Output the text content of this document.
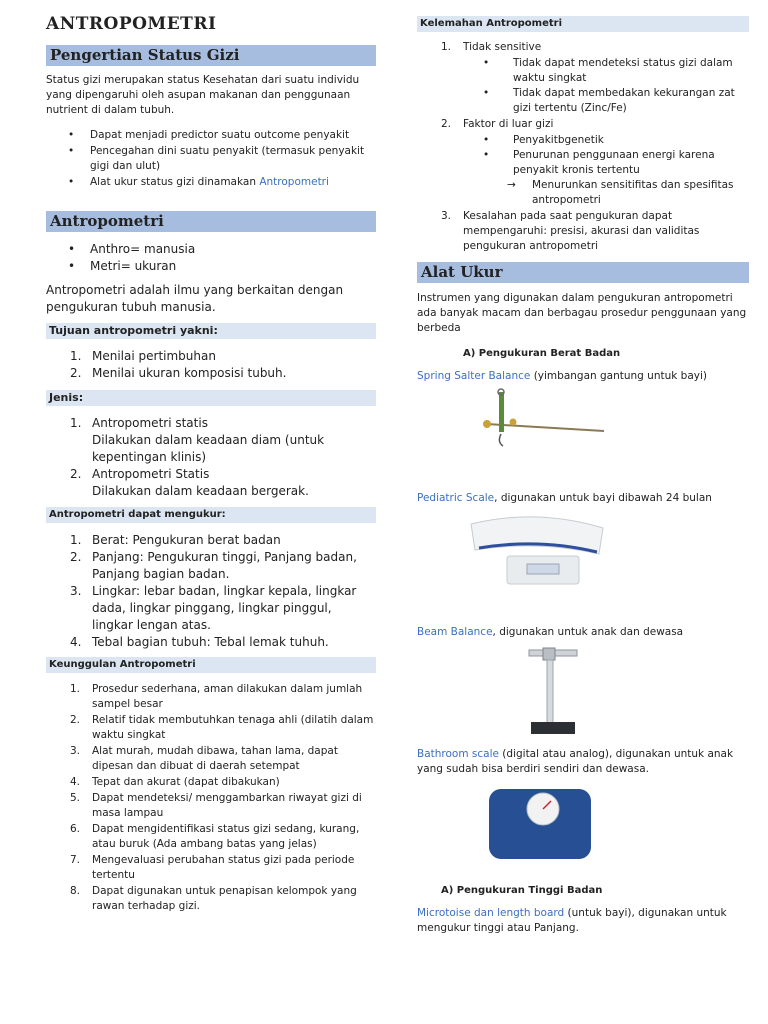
ANTROPOMETRI
Pengertian Status Gizi
Status gizi merupakan status Kesehatan dari suatu individu yang dipengaruhi oleh asupan makanan dan penggunaan nutrient di dalam tubuh.
• Dapat menjadi predictor suatu outcome penyakit
• Pencegahan dini suatu penyakit (termasuk penyakit gigi dan ulut)
• Alat ukur status gizi dinamakan Antropometri
Antropometri
• Anthro= manusia
• Metri= ukuran
Antropometri adalah ilmu yang berkaitan dengan pengukuran tubuh manusia.
Tujuan antropometri yakni:
1. Menilai pertimbuhan
2. Menilai ukuran komposisi tubuh.
Jenis:
1. Antropometri statis
Dilakukan dalam keadaan diam (untuk kepentingan klinis)
2. Antropometri Statis
Dilakukan dalam keadaan bergerak.
Antropometri dapat mengukur:
1. Berat: Pengukuran berat badan
2. Panjang: Pengukuran tinggi, Panjang badan, Panjang bagian badan.
3. Lingkar: lebar badan, lingkar kepala, lingkar dada, lingkar pinggang, lingkar pinggul, lingkar lengan atas.
4. Tebal bagian tubuh: Tebal lemak tuhuh.
Keunggulan Antropometri
1. Prosedur sederhana, aman dilakukan dalam jumlah sampel besar
2. Relatif tidak membutuhkan tenaga ahli (dilatih dalam waktu singkat
3. Alat murah, mudah dibawa, tahan lama, dapat dipesan dan dibuat di daerah setempat
4. Tepat dan akurat (dapat dibakukan)
5. Dapat mendeteksi/ menggambarkan riwayat gizi di masa lampau
6. Dapat mengidentifikasi status gizi sedang, kurang, atau buruk (Ada ambang batas yang jelas)
7. Mengevaluasi perubahan status gizi pada periode tertentu
8. Dapat digunakan untuk penapisan kelompok yang rawan terhadap gizi.
Kelemahan Antropometri
1. Tidak sensitive
• Tidak dapat mendeteksi status gizi dalam waktu singkat
• Tidak dapat membedakan kekurangan zat gizi tertentu (Zinc/Fe)
2. Faktor di luar gizi
• Penyakitbgenetik
• Penurunan penggunaan energi karena penyakit kronis tertentu
→ Menurunkan sensitifitas dan spesifitas antropometri
3. Kesalahan pada saat pengukuran dapat mempengaruhi: presisi, akurasi dan validitas pengukuran antropometri
Alat Ukur
Instrumen yang digunakan dalam pengukuran antropometri ada banyak macam dan berbagau prosedur penggunaan yang berbeda
A) Pengukuran Berat Badan
Spring Salter Balance (yimbangan gantung untuk bayi)
Pediatric Scale, digunakan untuk bayi dibawah 24 bulan
Beam Balance, digunakan untuk anak dan dewasa
Bathroom scale (digital atau analog), digunakan untuk anak yang sudah bisa berdiri sendiri dan dewasa.
A) Pengukuran Tinggi Badan
Microtoise dan length board (untuk bayi), digunakan untuk mengukur tinggi atau Panjang.
